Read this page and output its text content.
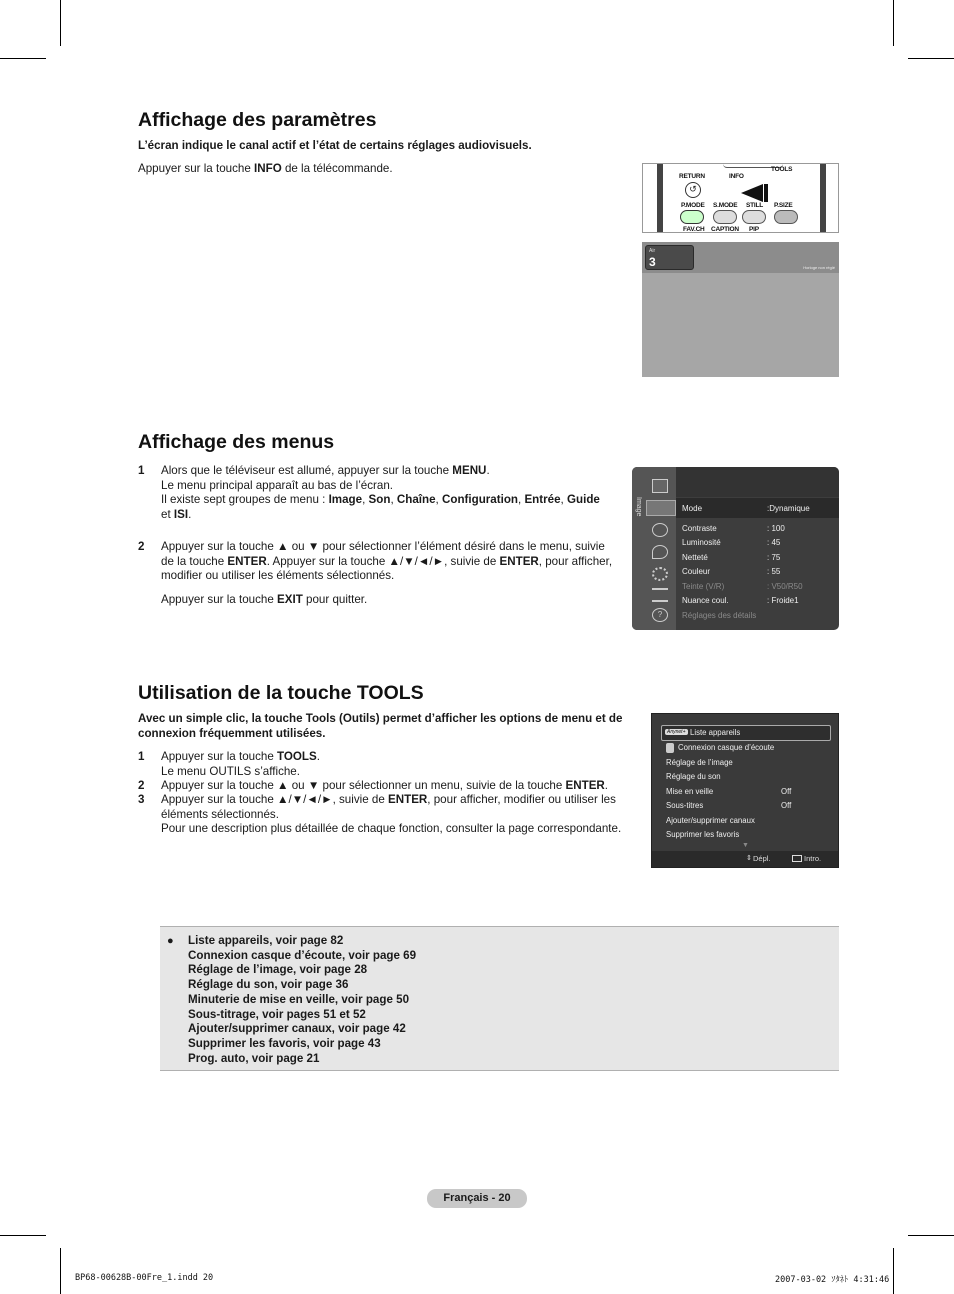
Affichage des paramètres
L’écran indique le canal actif et l’état de certains réglages audiovisuels.
Appuyer sur la touche INFO de la télécommande.
RETURN	INFO
TOOLS
↺
P.MODE S.MODE STILL P.SIZE
FAV.CH CAPTION PIP
Air
3	Horloge non réglé
Affichage des menus
1 Alors que le téléviseur est allumé, appuyer sur la touche MENU.
Le menu principal apparaît au bas de l’écran.
Il existe sept groupes de menu : Image, Son, Chaîne, Configuration, Entrée, Guide
et ISI.
2 Appuyer sur la touche ▲ ou ▼ pour sélectionner l’élément désiré dans le menu, suivie
de la touche ENTER. Appuyer sur la touche ▲/▼/◄/►, suivie de ENTER, pour afficher,
modifier ou utiliser les éléments sélectionnés.
Appuyer sur la touche EXIT pour quitter.
Image
?
Mode	:Dynamique
Contraste	: 100
Luminosité	: 45
Netteté	: 75
Couleur	: 55
Teinte (V/R)	: V50/R50
Nuance coul.	: Froide1
Réglages des détails
Utilisation de la touche TOOLS
Avec un simple clic, la touche Tools (Outils) permet d’afficher les options de menu et de
connexion fréquemment utilisées.
1 Appuyer sur la touche TOOLS.
Le menu OUTILS s’affiche.
2 Appuyer sur la touche ▲ ou ▼ pour sélectionner un menu, suivie de la touche ENTER.
3 Appuyer sur la touche ▲/▼/◄/►, suivie de ENTER, pour afficher, modifier ou utiliser les
éléments sélectionnés.
Pour une description plus détaillée de chaque fonction, consulter la page correspondante.
Anynet+ Liste appareils
Connexion casque d’écoute
Réglage de l’image
Réglage du son
Mise en veille	Off
Sous-titres	Off
Ajouter/supprimer canaux
Supprimer les favoris
▼
⇕ Dépl.	Intro.
● Liste appareils, voir page 82
Connexion casque d’écoute, voir page 69
Réglage de l’image, voir page 28
Réglage du son, voir page 36
Minuterie de mise en veille, voir page 50
Sous-titrage, voir pages 51 et 52
Ajouter/supprimer canaux, voir page 42
Supprimer les favoris, voir page 43
Prog. auto, voir page 21
Français - 20
BP68-00628B-00Fre_1.indd 20	2007-03-02 ｿﾀﾈﾄ 4:31:46
